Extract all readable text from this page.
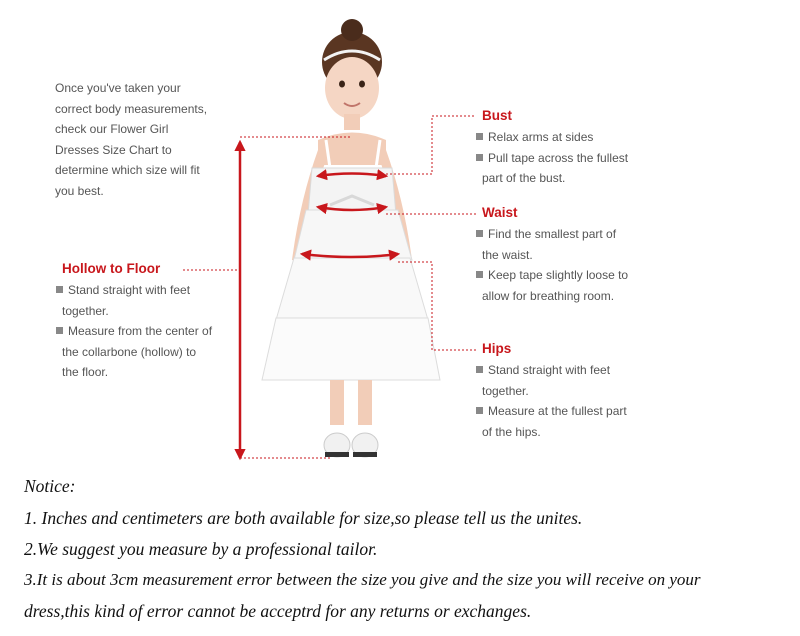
Once you've taken your
correct body measurements,
check our Flower Girl
Dresses Size Chart to
determine which size will fit
you best.
Hollow to Floor
Stand straight with feet
together.
Measure from the center of
the collarbone (hollow) to
the floor.
Bust
Relax arms at sides
Pull tape across the fullest
part of the bust.
Waist
Find the smallest part of
the waist.
Keep tape slightly loose to
allow for breathing room.
Hips
Stand straight with feet
together.
Measure at the fullest part
of the hips.
Notice:
1. Inches and centimeters are both available for size,so please tell us the unites.
2.We suggest you measure by a professional tailor.
3.It is about 3cm measurement error between the size you give and the size you will receive on your
dress,this kind of error cannot be acceptrd for any returns or exchanges.
